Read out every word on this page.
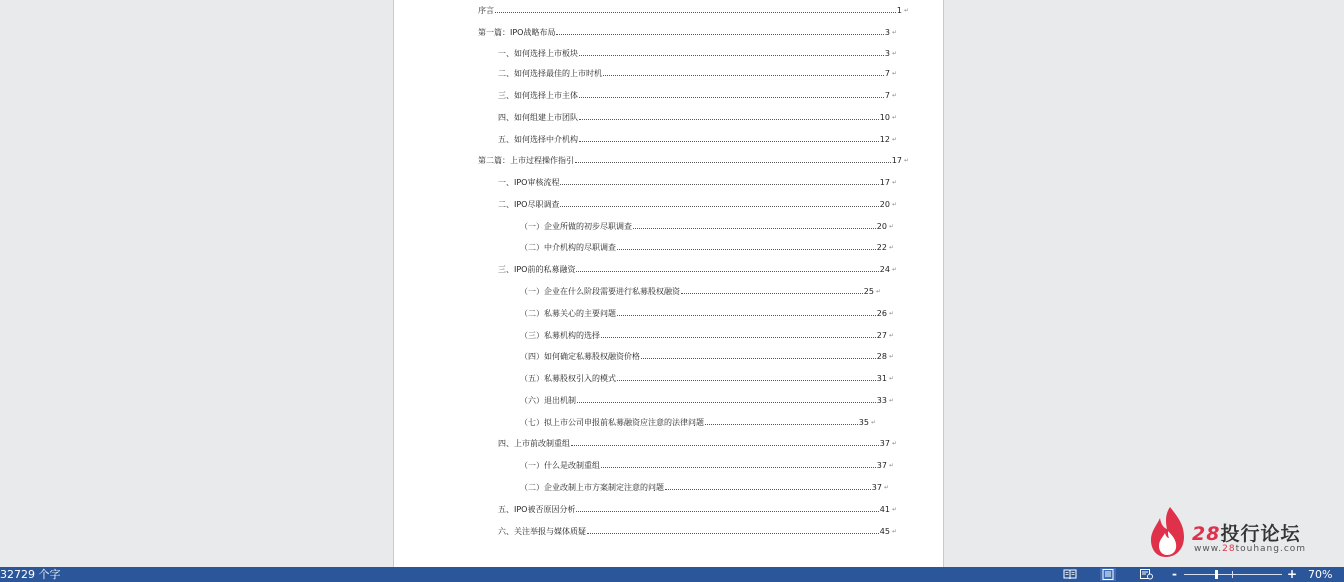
序言	1 ↵
第一篇：IPO战略布局	3 ↵
一、如何选择上市板块	3 ↵
二、如何选择最佳的上市时机	7 ↵
三、如何选择上市主体	7 ↵
四、如何组建上市团队	10 ↵
五、如何选择中介机构	12 ↵
第二篇：上市过程操作指引	17 ↵
一、IPO审核流程	17 ↵
二、IPO尽职调查	20 ↵
（一）企业所做的初步尽职调查	20 ↵
（二）中介机构的尽职调查	22 ↵
三、IPO前的私募融资	24 ↵
（一）企业在什么阶段需要进行私募股权融资	25 ↵
（二）私募关心的主要问题	26 ↵
（三）私募机构的选择	27 ↵
（四）如何确定私募股权融资价格	28 ↵
（五）私募股权引入的模式	31 ↵
（六）退出机制	33 ↵
（七）拟上市公司申报前私募融资应注意的法律问题	35 ↵
四、上市前改制重组	37 ↵
（一）什么是改制重组	37 ↵
（二）企业改制上市方案制定注意的问题	37 ↵
五、IPO被否原因分析	41 ↵
六、关注举报与媒体质疑	45 ↵	28投行论坛
www.28touhang.com
32729 个字	-	+ 70%
